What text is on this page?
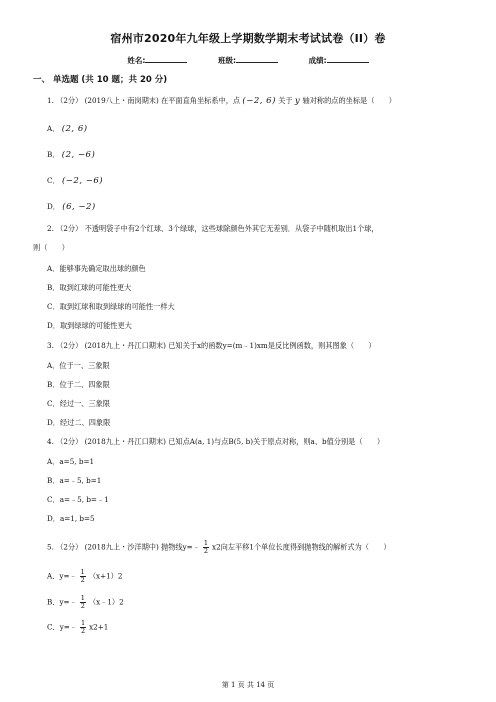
宿州市2020年九年级上学期数学期末考试试卷（II）卷
姓名:	班级:	成绩:
一、 单选题 (共 10 题；共 20 分)
1. （2分） (2019八上・南岗期末) 在平面直角坐标系中，点 (−2, 6) 关于 y 轴对称的点的坐标是（　　）
A． (2, 6)
B． (2, −6)
C． (−2, −6)
D． (6, −2)
2. （2分） 不透明袋子中有2个红球、3个绿球，这些球除颜色外其它无差别．从袋子中随机取出1个球，
则（　　）
A．能够事先确定取出球的颜色
B．取到红球的可能性更大
C．取到红球和取到绿球的可能性一样大
D．取到绿球的可能性更大
3. （2分） (2018九上・丹江口期末) 已知关于x的函数y=(m﹣1)xm是反比例函数，则其图象（　　）
A．位于一、三象限
B．位于二、四象限
C．经过一、三象限
D．经过二、四象限
4. （2分） (2018九上・丹江口期末) 已知点A(a, 1)与点B(5, b)关于原点对称，则a、b值分别是（　　）
A．a=5, b=1
B．a=﹣5, b=1
C．a=﹣5, b=﹣1
D．a=1, b=5
5. （2分） (2018九上・沙洋期中) 抛物线y=﹣ $\frac{1}{2} x2$向左平移1个单位长度得到抛物线的解析式为（　　）
A．y=﹣ $\frac{1}{2} (x+1)2$
B．y=﹣ $\frac{1}{2}$ （x﹣1）2
C．y=﹣ $\frac{1}{2} x2+1$
第 1 页 共 14 页
